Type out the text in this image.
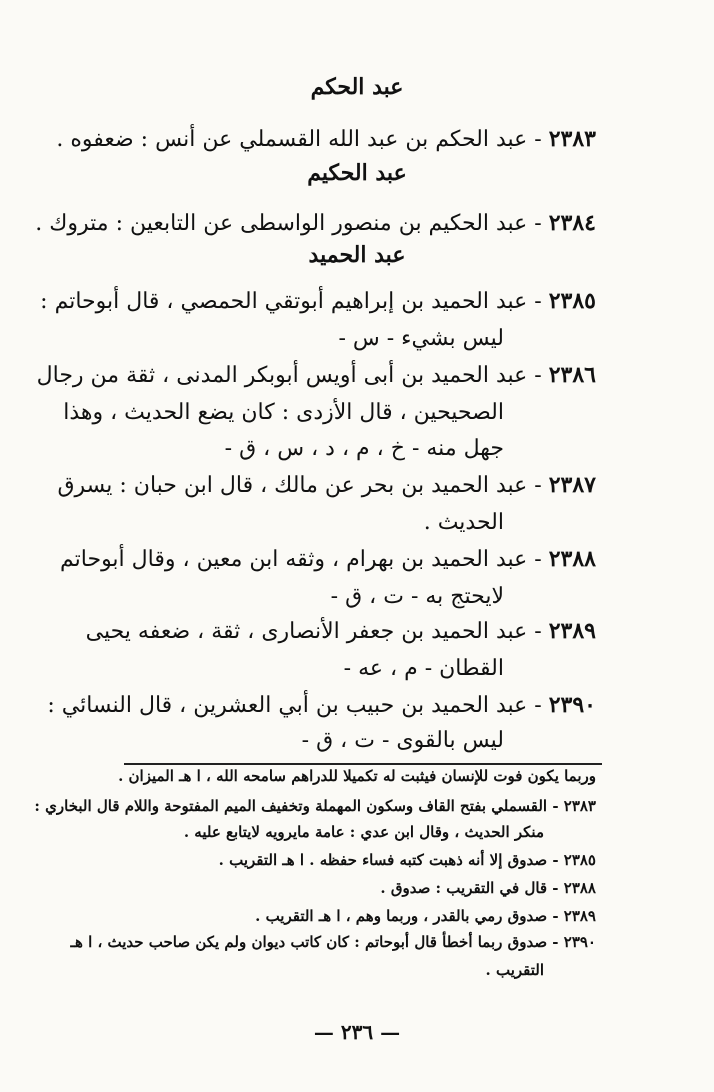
عبد الحكم
٢٣٨٣ - عبد الحكم بن عبد الله القسملي عن أنس : ضعفوه .
عبد الحكيم
٢٣٨٤ - عبد الحكيم بن منصور الواسطى عن التابعين : متروك .
عبد الحميد
٢٣٨٥ - عبد الحميد بن إبراهيم أبوتقي الحمصي ، قال أبوحاتم :
ليس بشيء - س -
٢٣٨٦ - عبد الحميد بن أبى أويس أبوبكر المدنى ، ثقة من رجال
الصحيحين ، قال الأزدى : كان يضع الحديث ، وهذا
جهل منه - خ ، م ، د ، س ، ق -
٢٣٨٧ - عبد الحميد بن بحر عن مالك ، قال ابن حبان : يسرق
الحديث .
٢٣٨٨ - عبد الحميد بن بهرام ، وثقه ابن معين ، وقال أبوحاتم
لايحتج به - ت ، ق -
٢٣٨٩ - عبد الحميد بن جعفر الأنصارى ، ثقة ، ضعفه يحيى
القطان - م ، عه -
٢٣٩٠ - عبد الحميد بن حبيب بن أبي العشرين ، قال النسائي :
ليس بالقوى - ت ، ق -
وربما يكون فوت للإنسان فيثبت له تكميلا للدراهم سامحه الله ، ا هـ الميزان .
٢٣٨٣ - القسملي بفتح القاف وسكون المهملة وتخفيف الميم المفتوحة واللام قال البخاري :
منكر الحديث ، وقال ابن عدي : عامة مايرويه لايتابع عليه .
٢٣٨٥ - صدوق إلا أنه ذهبت كتبه فساء حفظه . ا هـ التقريب .
٢٣٨٨ - قال في التقريب : صدوق .
٢٣٨٩ - صدوق رمي بالقدر ، وربما وهم ، ا هـ التقريب .
٢٣٩٠ - صدوق ربما أخطأ قال أبوحاتم : كان كاتب ديوان ولم يكن صاحب حديث ، ا هـ
التقريب .
— ٢٣٦ —
